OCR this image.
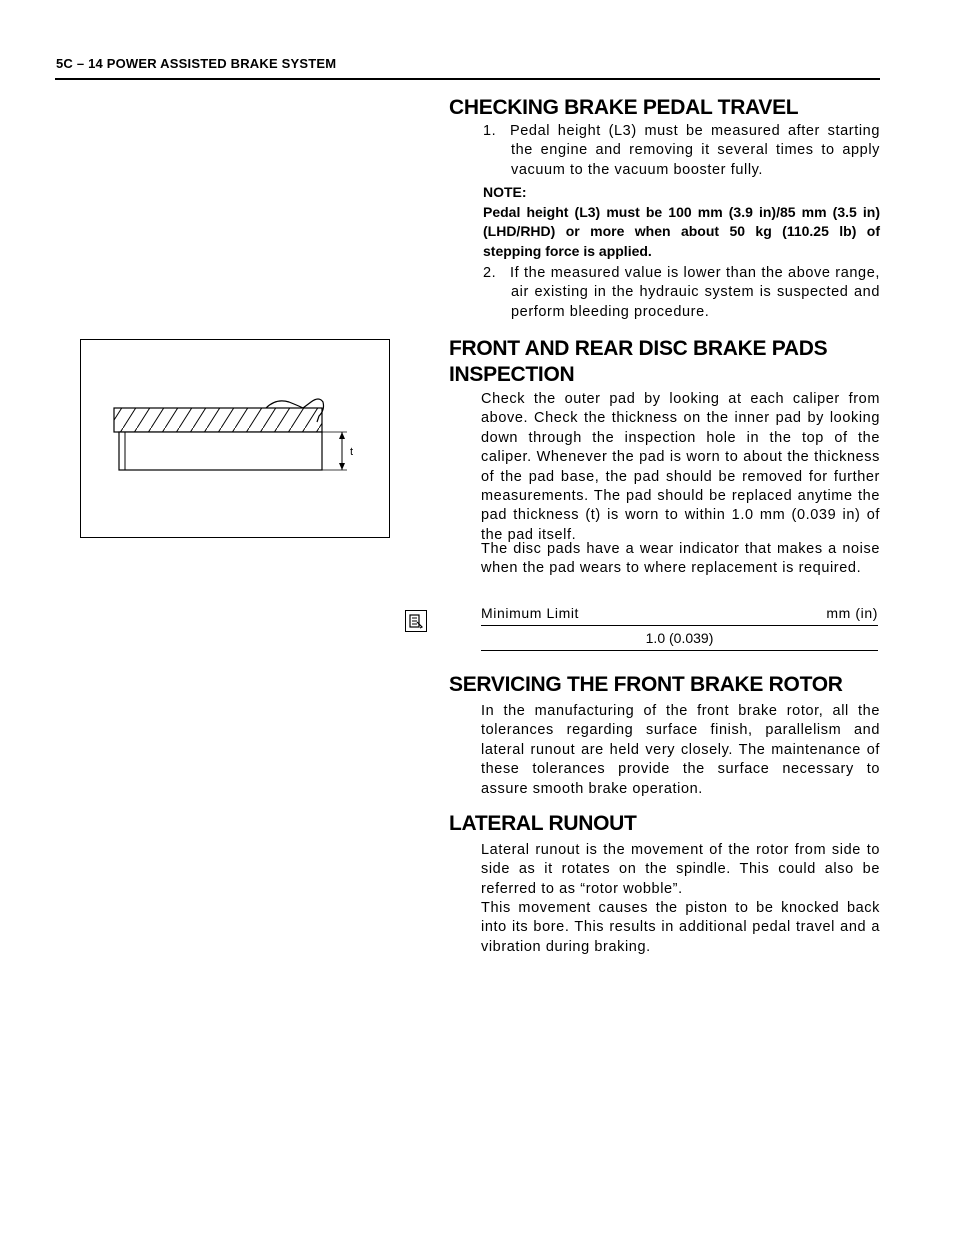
5C – 14 POWER ASSISTED BRAKE SYSTEM
CHECKING BRAKE PEDAL TRAVEL
1. Pedal height (L3) must be measured after starting the engine and removing it several times to apply vacuum to the vacuum booster fully.
NOTE:
Pedal height (L3) must be 100 mm (3.9 in)/85 mm (3.5 in) (LHD/RHD) or more when about 50 kg (110.25 lb) of stepping force is applied.
2. If the measured value is lower than the above range, air existing in the hydrauic system is suspected and perform bleeding procedure.
t
FRONT AND REAR DISC BRAKE PADS
INSPECTION
Check the outer pad by looking at each caliper from above. Check the thickness on the inner pad by looking down through the inspection hole in the top of the caliper. Whenever the pad is worn to about the thickness of the pad base, the pad should be removed for further measurements. The pad should be replaced anytime the pad thickness (t) is worn to within 1.0 mm (0.039 in) of the pad itself.
The disc pads have a wear indicator that makes a noise when the pad wears to where replacement is required.
Minimum Limit	mm (in)
1.0 (0.039)
SERVICING THE FRONT BRAKE ROTOR
In the manufacturing of the front brake rotor, all the tolerances regarding surface finish, parallelism and lateral runout are held very closely. The maintenance of these tolerances provide the surface necessary to assure smooth brake operation.
LATERAL RUNOUT
Lateral runout is the movement of the rotor from side to side as it rotates on the spindle. This could also be referred to as “rotor wobble”.
This movement causes the piston to be knocked back into its bore. This results in additional pedal travel and a vibration during braking.
